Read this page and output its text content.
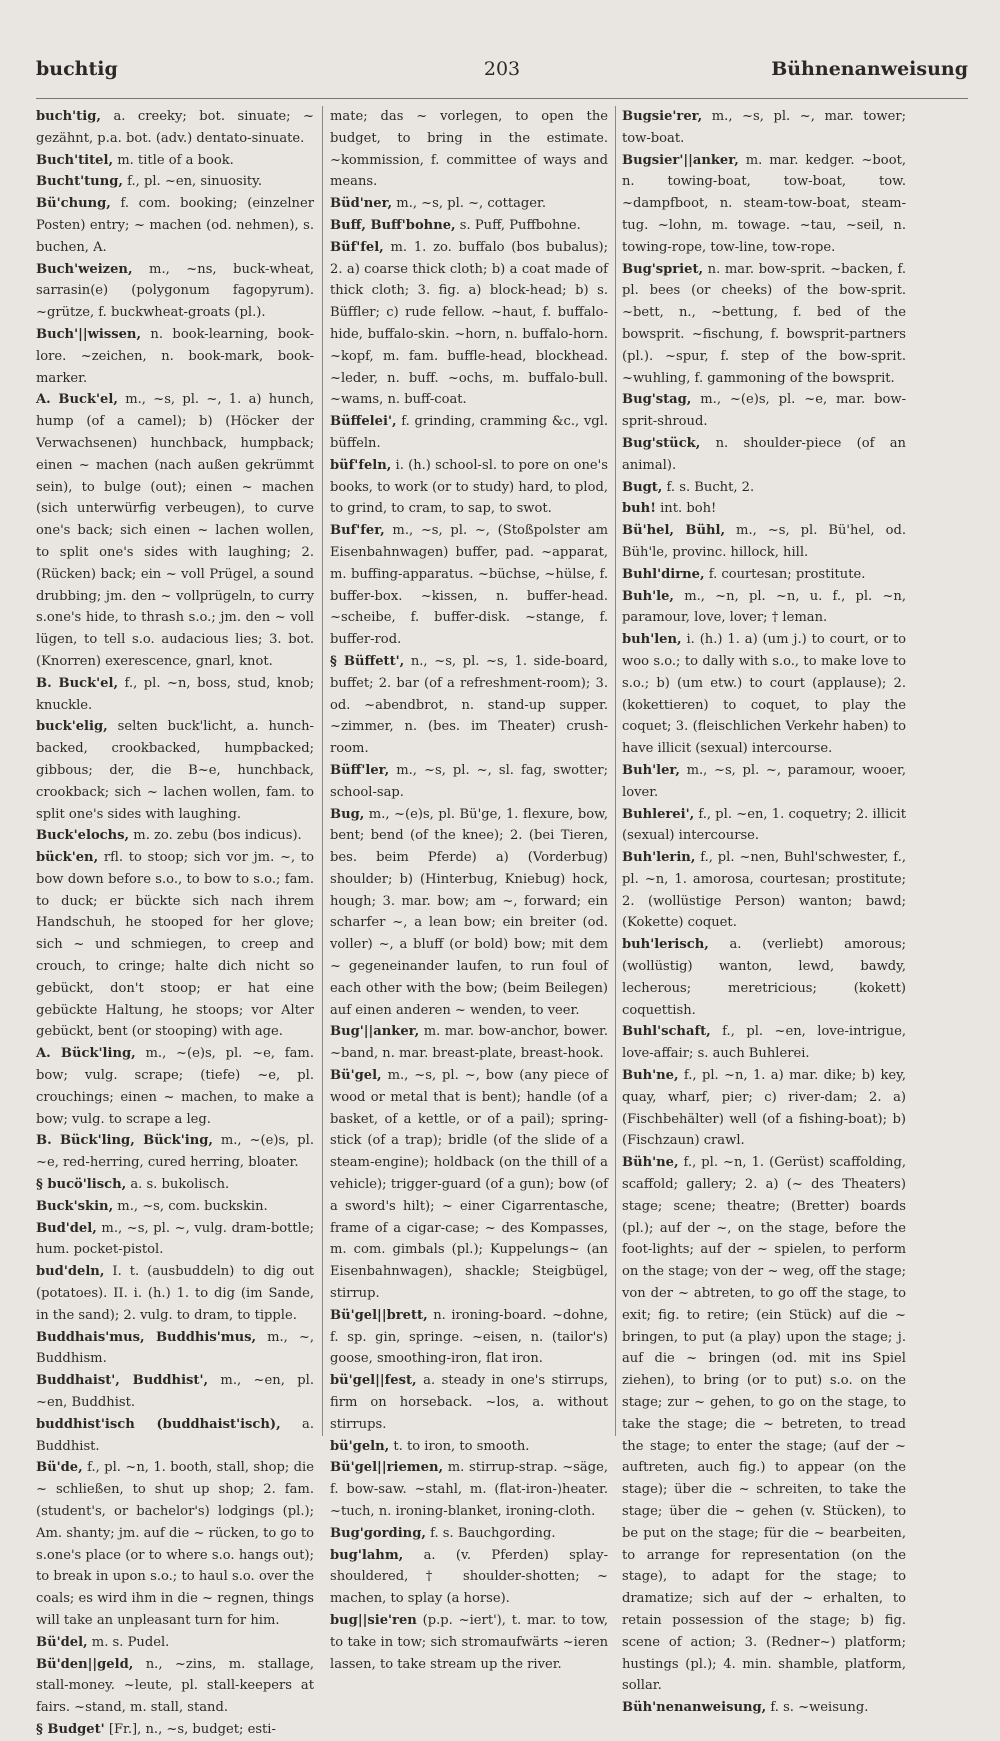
buchtig	203	Bühnenanweisung

buch'tig, a. creeky; bot. sinuate; ~ gezähnt, p.a. bot. (adv.) dentato-sinuate.

Buch'titel, m. title of a book.

Bucht'tung, f., pl. ~en, sinuosity.

Bü'chung, f. com. booking; (einzelner Posten) entry; ~ machen (od. nehmen), s. buchen, A.

Buch'weizen, m., ~ns, buck-wheat, sarrasin(e) (polygonum fagopyrum). ~grütze, f. buckwheat-groats (pl.).

Buch'||wissen, n. book-learning, book-lore. ~zeichen, n. book-mark, book-marker.

A. Buck'el, m., ~s, pl. ~, 1. a) hunch, hump (of a camel); b) (Höcker der Verwachsenen) hunchback, humpback; einen ~ machen (nach außen gekrümmt sein), to bulge (out); einen ~ machen (sich unterwürfig verbeugen), to curve one's back; sich einen ~ lachen wollen, to split one's sides with laughing; 2. (Rücken) back; ein ~ voll Prügel, a sound drubbing; jm. den ~ vollprügeln, to curry s.one's hide, to thrash s.o.; jm. den ~ voll lügen, to tell s.o. audacious lies; 3. bot. (Knorren) exerescence, gnarl, knot.

B. Buck'el, f., pl. ~n, boss, stud, knob; knuckle.

buck'elig, selten buck'licht, a. hunch-backed, crookbacked, humpbacked; gibbous; der, die B~e, hunchback, crookback; sich ~ lachen wollen, fam. to split one's sides with laughing.

Buck'elochs, m. zo. zebu (bos indicus).

bück'en, rfl. to stoop; sich vor jm. ~, to bow down before s.o., to bow to s.o.; fam. to duck; er bückte sich nach ihrem Handschuh, he stooped for her glove; sich ~ und schmiegen, to creep and crouch, to cringe; halte dich nicht so gebückt, don't stoop; er hat eine gebückte Haltung, he stoops; vor Alter gebückt, bent (or stooping) with age.

A. Bück'ling, m., ~(e)s, pl. ~e, fam. bow; vulg. scrape; (tiefe) ~e, pl. crouchings; einen ~ machen, to make a bow; vulg. to scrape a leg.

B. Bück'ling, Bück'ing, m., ~(e)s, pl. ~e, red-herring, cured herring, bloater.

§ bucö'lisch, a. s. bukolisch.

Buck'skin, m., ~s, com. buckskin.

Bud'del, m., ~s, pl. ~, vulg. dram-bottle; hum. pocket-pistol.

bud'deln, I. t. (ausbuddeln) to dig out (potatoes). II. i. (h.) 1. to dig (im Sande, in the sand); 2. vulg. to dram, to tipple.

Buddhais'mus, Buddhis'mus, m., ~, Buddhism.

Buddhaist', Buddhist', m., ~en, pl. ~en, Buddhist.

buddhist'isch (buddhaist'isch), a. Buddhist.

Bü'de, f., pl. ~n, 1. booth, stall, shop; die ~ schließen, to shut up shop; 2. fam. (student's, or bachelor's) lodgings (pl.); Am. shanty; jm. auf die ~ rücken, to go to s.one's place (or to where s.o. hangs out); to break in upon s.o.; to haul s.o. over the coals; es wird ihm in die ~ regnen, things will take an unpleasant turn for him.

Bü'del, m. s. Pudel.

Bü'den||geld, n., ~zins, m. stallage, stall-money. ~leute, pl. stall-keepers at fairs. ~stand, m. stall, stand.

§ Budget' [Fr.], n., ~s, budget; esti-

mate; das ~ vorlegen, to open the budget, to bring in the estimate. ~kommission, f. committee of ways and means.

Büd'ner, m., ~s, pl. ~, cottager.

Buff, Buff'bohne, s. Puff, Puffbohne.

Büf'fel, m. 1. zo. buffalo (bos bubalus); 2. a) coarse thick cloth; b) a coat made of thick cloth; 3. fig. a) block-head; b) s. Büffler; c) rude fellow. ~haut, f. buffalo-hide, buffalo-skin. ~horn, n. buffalo-horn. ~kopf, m. fam. buffle-head, blockhead. ~leder, n. buff. ~ochs, m. buffalo-bull. ~wams, n. buff-coat.

Büffelei', f. grinding, cramming &c., vgl. büffeln.

büf'feln, i. (h.) school-sl. to pore on one's books, to work (or to study) hard, to plod, to grind, to cram, to sap, to swot.

Buf'fer, m., ~s, pl. ~, (Stoßpolster am Eisenbahnwagen) buffer, pad. ~apparat, m. buffing-apparatus. ~büchse, ~hülse, f. buffer-box. ~kissen, n. buffer-head. ~scheibe, f. buffer-disk. ~stange, f. buffer-rod.

§ Büffett', n., ~s, pl. ~s, 1. side-board, buffet; 2. bar (of a refreshment-room); 3. od. ~abendbrot, n. stand-up supper. ~zimmer, n. (bes. im Theater) crush-room.

Büff'ler, m., ~s, pl. ~, sl. fag, swotter; school-sap.

Bug, m., ~(e)s, pl. Bü'ge, 1. flexure, bow, bent; bend (of the knee); 2. (bei Tieren, bes. beim Pferde) a) (Vorderbug) shoulder; b) (Hinterbug, Kniebug) hock, hough; 3. mar. bow; am ~, forward; ein scharfer ~, a lean bow; ein breiter (od. voller) ~, a bluff (or bold) bow; mit dem ~ gegeneinander laufen, to run foul of each other with the bow; (beim Beilegen) auf einen anderen ~ wenden, to veer.

Bug'||anker, m. mar. bow-anchor, bower. ~band, n. mar. breast-plate, breast-hook.

Bü'gel, m., ~s, pl. ~, bow (any piece of wood or metal that is bent); handle (of a basket, of a kettle, or of a pail); spring-stick (of a trap); bridle (of the slide of a steam-engine); holdback (on the thill of a vehicle); trigger-guard (of a gun); bow (of a sword's hilt); ~ einer Cigarrentasche, frame of a cigar-case; ~ des Kompasses, m. com. gimbals (pl.); Kuppelungs~ (an Eisenbahnwagen), shackle; Steigbügel, stirrup.

Bü'gel||brett, n. ironing-board. ~dohne, f. sp. gin, springe. ~eisen, n. (tailor's) goose, smoothing-iron, flat iron.

bü'gel||fest, a. steady in one's stirrups, firm on horseback. ~los, a. without stirrups.

bü'geln, t. to iron, to smooth.

Bü'gel||riemen, m. stirrup-strap. ~säge, f. bow-saw. ~stahl, m. (flat-iron-)heater. ~tuch, n. ironing-blanket, ironing-cloth.

Bug'gording, f. s. Bauchgording.

bug'lahm, a. (v. Pferden) splay-shouldered, † shoulder-shotten; ~ machen, to splay (a horse).

bug||sie'ren (p.p. ~iert'), t. mar. to tow, to take in tow; sich stromaufwärts ~ieren lassen, to take stream up the river.

Bugsie'rer, m., ~s, pl. ~, mar. tower; tow-boat.

Bugsier'||anker, m. mar. kedger. ~boot, n. towing-boat, tow-boat, tow. ~dampfboot, n. steam-tow-boat, steam-tug. ~lohn, m. towage. ~tau, ~seil, n. towing-rope, tow-line, tow-rope.

Bug'spriet, n. mar. bow-sprit. ~backen, f. pl. bees (or cheeks) of the bow-sprit. ~bett, n., ~bettung, f. bed of the bowsprit. ~fischung, f. bowsprit-partners (pl.). ~spur, f. step of the bow-sprit. ~wuhling, f. gammoning of the bowsprit.

Bug'stag, m., ~(e)s, pl. ~e, mar. bow-sprit-shroud.

Bug'stück, n. shoulder-piece (of an animal).

Bugt, f. s. Bucht, 2.

buh! int. boh!

Bü'hel, Bühl, m., ~s, pl. Bü'hel, od. Büh'le, provinc. hillock, hill.

Buhl'dirne, f. courtesan; prostitute.

Buh'le, m., ~n, pl. ~n, u. f., pl. ~n, paramour, love, lover; † leman.

buh'len, i. (h.) 1. a) (um j.) to court, or to woo s.o.; to dally with s.o., to make love to s.o.; b) (um etw.) to court (applause); 2. (kokettieren) to coquet, to play the coquet; 3. (fleischlichen Verkehr haben) to have illicit (sexual) intercourse.

Buh'ler, m., ~s, pl. ~, paramour, wooer, lover.

Buhlerei', f., pl. ~en, 1. coquetry; 2. illicit (sexual) intercourse.

Buh'lerin, f., pl. ~nen, Buhl'schwester, f., pl. ~n, 1. amorosa, courtesan; prostitute; 2. (wollüstige Person) wanton; bawd; (Kokette) coquet.

buh'lerisch, a. (verliebt) amorous; (wollüstig) wanton, lewd, bawdy, lecherous; meretricious; (kokett) coquettish.

Buhl'schaft, f., pl. ~en, love-intrigue, love-affair; s. auch Buhlerei.

Buh'ne, f., pl. ~n, 1. a) mar. dike; b) key, quay, wharf, pier; c) river-dam; 2. a) (Fischbehälter) well (of a fishing-boat); b) (Fischzaun) crawl.

Büh'ne, f., pl. ~n, 1. (Gerüst) scaffolding, scaffold; gallery; 2. a) (~ des Theaters) stage; scene; theatre; (Bretter) boards (pl.); auf der ~, on the stage, before the foot-lights; auf der ~ spielen, to perform on the stage; von der ~ weg, off the stage; von der ~ abtreten, to go off the stage, to exit; fig. to retire; (ein Stück) auf die ~ bringen, to put (a play) upon the stage; j. auf die ~ bringen (od. mit ins Spiel ziehen), to bring (or to put) s.o. on the stage; zur ~ gehen, to go on the stage, to take the stage; die ~ betreten, to tread the stage; to enter the stage; (auf der ~ auftreten, auch fig.) to appear (on the stage); über die ~ schreiten, to take the stage; über die ~ gehen (v. Stücken), to be put on the stage; für die ~ bearbeiten, to arrange for representation (on the stage), to adapt for the stage; to dramatize; sich auf der ~ erhalten, to retain possession of the stage; b) fig. scene of action; 3. (Redner~) platform; hustings (pl.); 4. min. shamble, platform, sollar.

Büh'nenanweisung, f. s. ~weisung.
